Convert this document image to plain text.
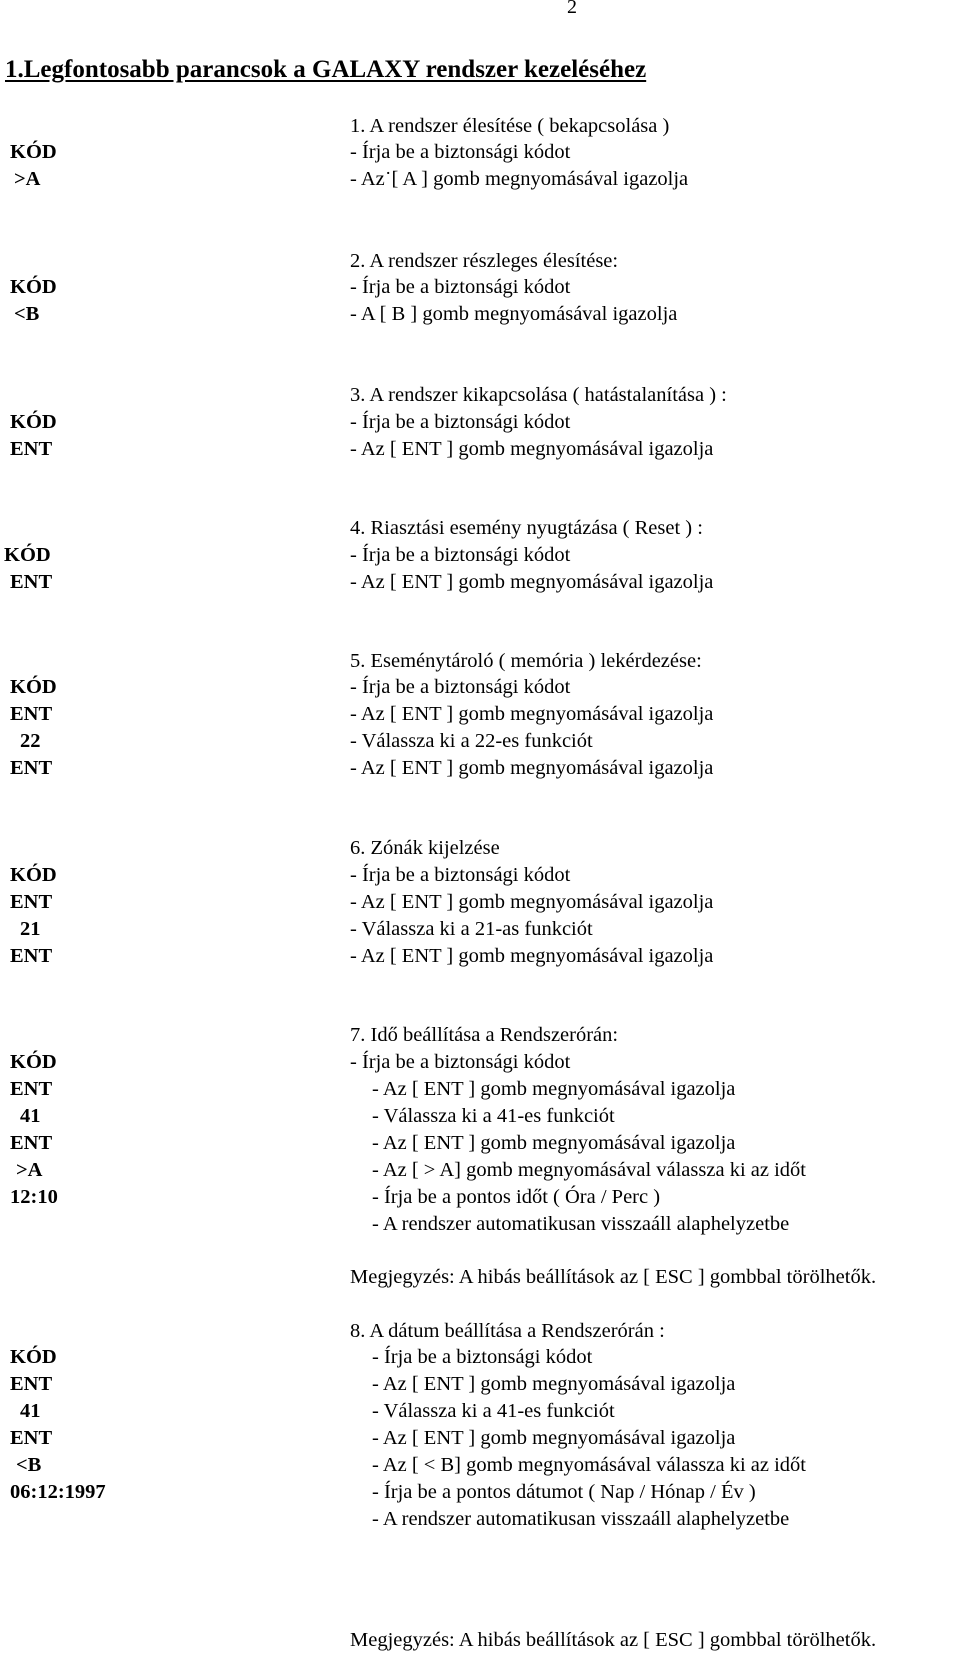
2
1.Legfontosabb parancsok a GALAXY rendszer kezeléséhez
1. A rendszer élesítése ( bekapcsolása )
KÓD	- Írja be a biztonsági kódot
>A	- Az˙[ A ] gomb megnyomásával igazolja
2. A rendszer részleges élesítése:
KÓD	- Írja be a biztonsági kódot
<B	- A [ B ] gomb megnyomásával igazolja
3. A rendszer kikapcsolása ( hatástalanítása ) :
KÓD	- Írja be a biztonsági kódot
ENT	- Az [ ENT ] gomb megnyomásával igazolja
4. Riasztási esemény nyugtázása ( Reset ) :
KÓD	- Írja be a biztonsági kódot
ENT	- Az [ ENT ] gomb megnyomásával igazolja
5. Eseménytároló ( memória ) lekérdezése:
KÓD	- Írja be a biztonsági kódot
ENT	- Az [ ENT ] gomb megnyomásával igazolja
22	- Válassza ki a 22-es funkciót
ENT	- Az [ ENT ] gomb megnyomásával igazolja
6. Zónák kijelzése
KÓD	- Írja be a biztonsági kódot
ENT	- Az [ ENT ] gomb megnyomásával igazolja
21	- Válassza ki a 21-as funkciót
ENT	- Az [ ENT ] gomb megnyomásával igazolja
7. Idő beállítása a Rendszerórán:
KÓD	- Írja be a biztonsági kódot
ENT	- Az [ ENT ] gomb megnyomásával igazolja
41	- Válassza ki a 41-es funkciót
ENT	- Az [ ENT ] gomb megnyomásával igazolja
>A	- Az [ > A] gomb megnyomásával válassza ki az időt
12:10	- Írja be a pontos időt ( Óra / Perc )
- A rendszer automatikusan visszaáll alaphelyzetbe
Megjegyzés: A hibás beállítások az [ ESC ] gombbal törölhetők.
8. A dátum beállítása a Rendszerórán :
KÓD	- Írja be a biztonsági kódot
ENT	- Az [ ENT ] gomb megnyomásával igazolja
41	- Válassza ki a 41-es funkciót
ENT	- Az [ ENT ] gomb megnyomásával igazolja
<B	- Az [ < B] gomb megnyomásával válassza ki az időt
06:12:1997	- Írja be a pontos dátumot ( Nap / Hónap / Év )
- A rendszer automatikusan visszaáll alaphelyzetbe
Megjegyzés: A hibás beállítások az [ ESC ] gombbal törölhetők.
